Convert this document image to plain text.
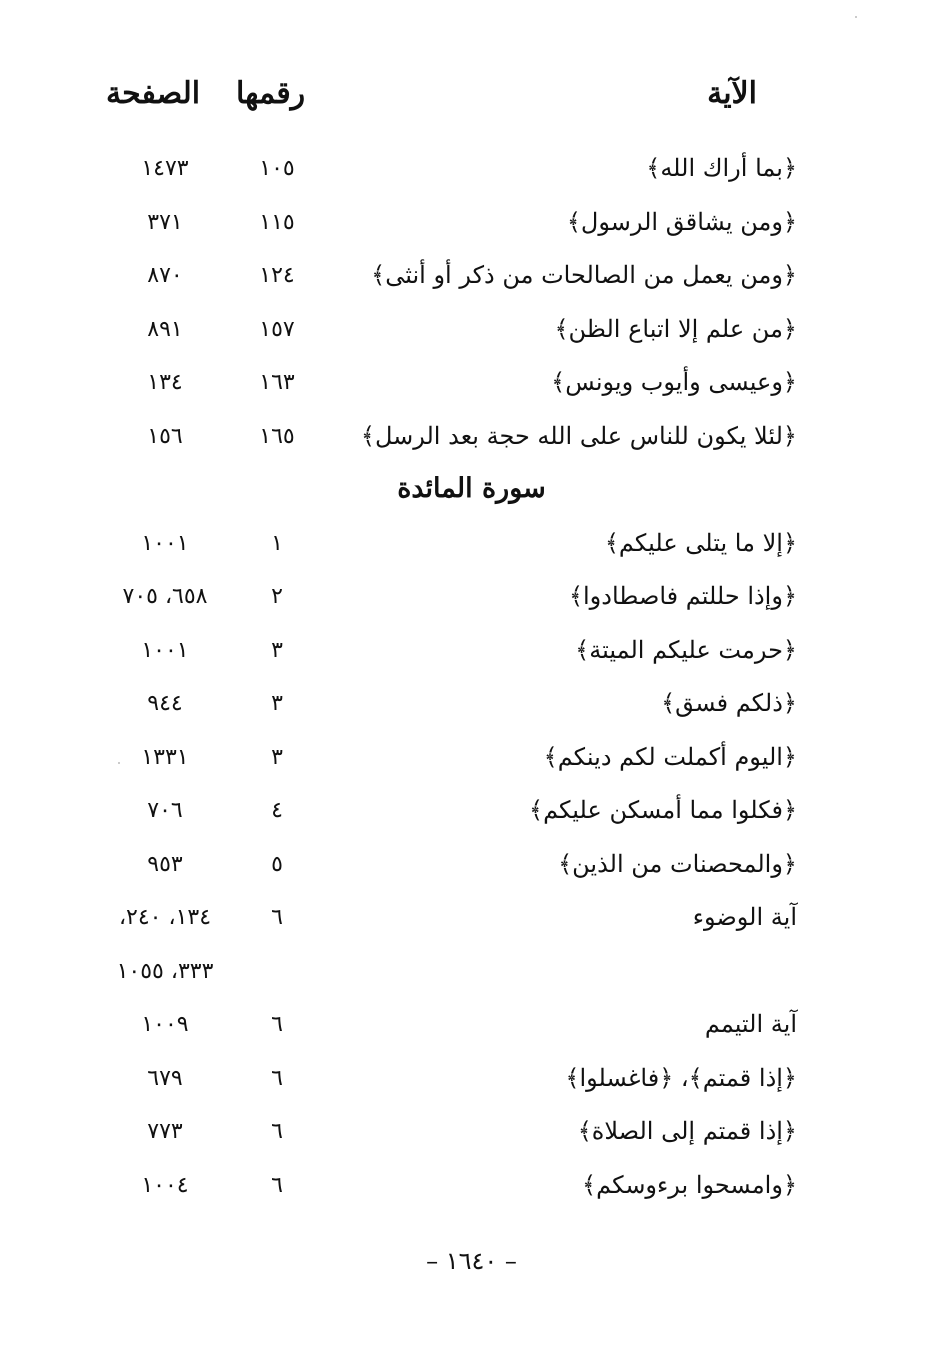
الآية
رقمها
الصفحة
﴿بما أراك الله﴾
١٠٥
١٤٧٣
﴿ومن يشاقق الرسول﴾
١١٥
٣٧١
﴿ومن يعمل من الصالحات من ذكر أو أنثى﴾
١٢٤
٨٧٠
﴿من علم إلا اتباع الظن﴾
١٥٧
٨٩١
﴿وعيسى وأيوب ويونس﴾
١٦٣
١٣٤
﴿لئلا يكون للناس على الله حجة بعد الرسل﴾
١٦٥
١٥٦
سورة المائدة
﴿إلا ما يتلى عليكم﴾
١
١٠٠١
﴿وإذا حللتم فاصطادوا﴾
٢
٦٥٨، ٧٠٥
﴿حرمت عليكم الميتة﴾
٣
١٠٠١
﴿ذلكم فسق﴾
٣
٩٤٤
﴿اليوم أكملت لكم دينكم﴾
٣
١٣٣١
﴿فكلوا مما أمسكن عليكم﴾
٤
٧٠٦
﴿والمحصنات من الذين﴾
٥
٩٥٣
آية الوضوء
٦
١٣٤، ٢٤٠،
٣٣٣، ١٠٥٥
آية التيمم
٦
١٠٠٩
﴿إذا قمتم﴾، ﴿فاغسلوا﴾
٦
٦٧٩
﴿إذا قمتم إلى الصلاة﴾
٦
٧٧٣
﴿وامسحوا برءوسكم﴾
٦
١٠٠٤
– ١٦٤٠ –
